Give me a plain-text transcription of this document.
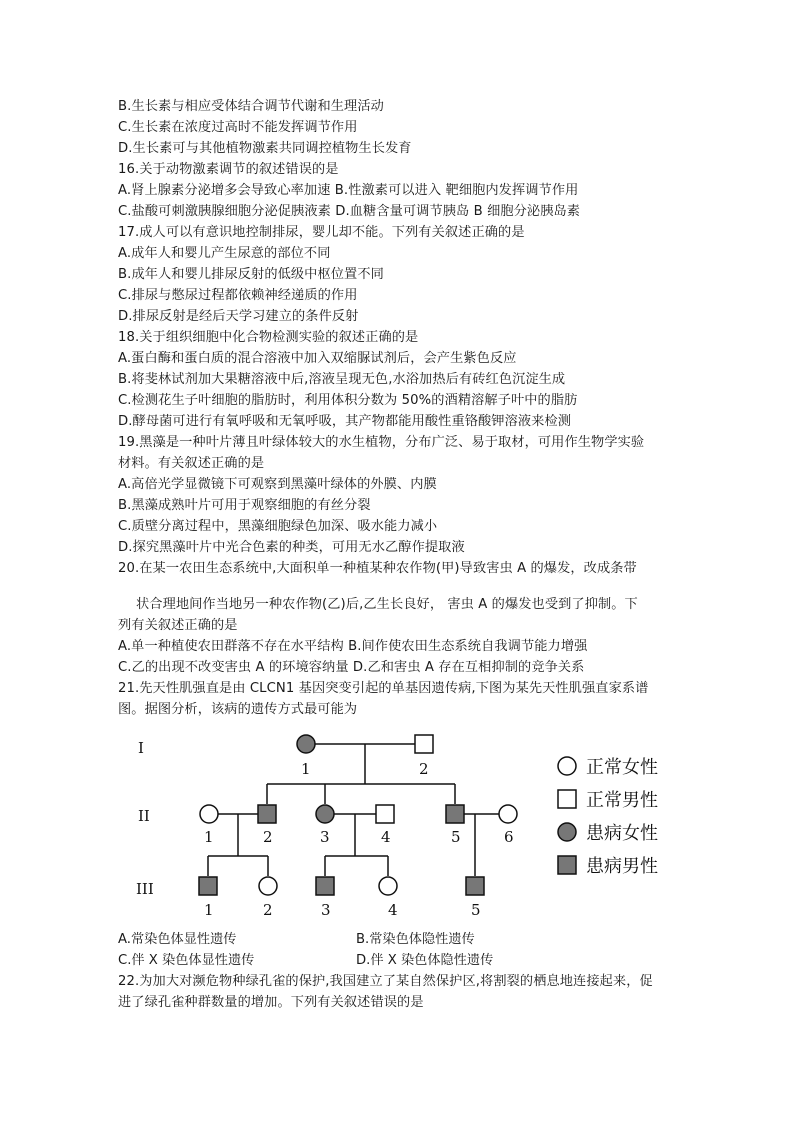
B.生长素与相应受体结合调节代谢和生理活动
C.生长素在浓度过高时不能发挥调节作用
D.生长素可与其他植物激素共同调控植物生长发育
16.关于动物激素调节的叙述错误的是
A.肾上腺素分泌增多会导致心率加速 B.性激素可以进入 靶细胞内发挥调节作用
C.盐酸可刺激胰腺细胞分泌促胰液素 D.血糖含量可调节胰岛 B 细胞分泌胰岛素
17.成人可以有意识地控制排尿，婴儿却不能。下列有关叙述正确的是
A.成年人和婴儿产生尿意的部位不同
B.成年人和婴儿排尿反射的低级中枢位置不同
C.排尿与憋尿过程都依赖神经递质的作用
D.排尿反射是经后天学习建立的条件反射
18.关于组织细胞中化合物检测实验的叙述正确的是
A.蛋白酶和蛋白质的混合溶液中加入双缩脲试剂后，会产生紫色反应
B.将斐林试剂加大果糖溶液中后,溶液呈现无色,水浴加热后有砖红色沉淀生成
C.检测花生子叶细胞的脂肪时，利用体积分数为 50%的酒精溶解子叶中的脂肪
D.酵母菌可进行有氧呼吸和无氧呼吸，其产物都能用酸性重铬酸钾溶液来检测
19.黑藻是一种叶片薄且叶绿体较大的水生植物，分布广泛、易于取材，可用作生物学实验
材料。有关叙述正确的是
A.高倍光学显微镜下可观察到黑藻叶绿体的外膜、内膜
B.黑藻成熟叶片可用于观察细胞的有丝分裂
C.质壁分离过程中，黑藻细胞绿色加深、吸水能力减小
D.探究黑藻叶片中光合色素的种类，可用无水乙醇作提取液
20.在某一农田生态系统中,大面积单一种植某种农作物(甲)导致害虫 A 的爆发，改成条带
状合理地间作当地另一种农作物(乙)后,乙生长良好， 害虫 A 的爆发也受到了抑制。下
列有关叙述正确的是
A.单一种植使农田群落不存在水平结构 B.间作使农田生态系统自我调节能力增强
C.乙的出现不改变害虫 A 的环境容纳量 D.乙和害虫 A 存在互相抑制的竞争关系
21.先天性肌强直是由 CLCN1 基因突变引起的单基因遗传病,下图为某先天性肌强直家系谱
图。据图分析，该病的遗传方式最可能为
I
II
III
1	2
1	2	3	4	5	6
1	2	3	4	5
正常女性
正常男性
患病女性
患病男性
A.常染色体显性遗传	B.常染色体隐性遗传
C.伴 X 染色体显性遗传	D.伴 X 染色体隐性遗传
22.为加大对濒危物种绿孔雀的保护,我国建立了某自然保护区,将割裂的栖息地连接起来，促
进了绿孔雀种群数量的增加。下列有关叙述错误的是
